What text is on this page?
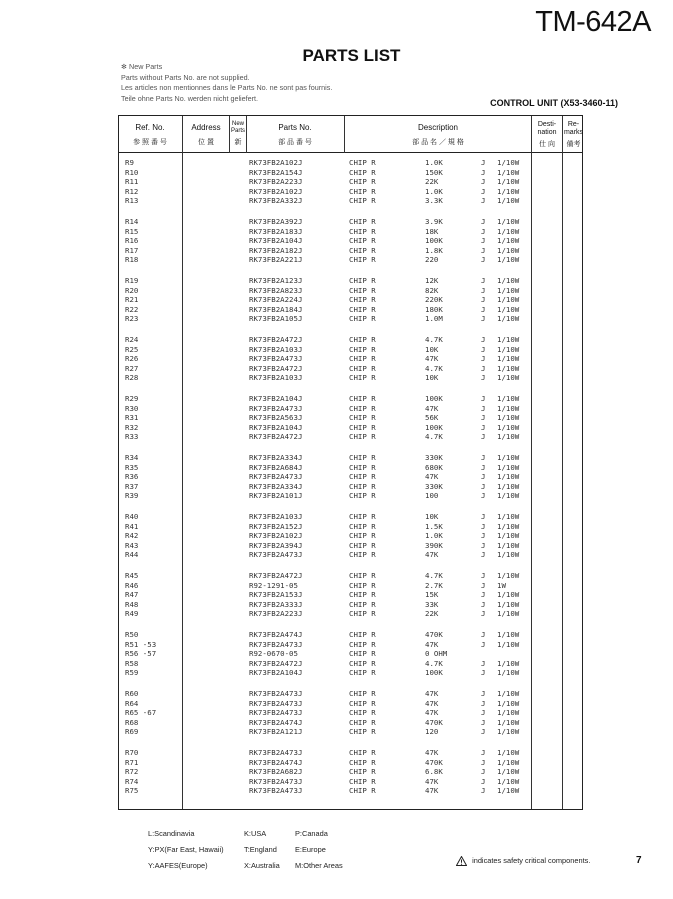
TM-642A
PARTS LIST
✻ New Parts
Parts without Parts No. are not supplied.
Les articles non mentionnes dans le Parts No. ne sont pas fournis.
Teile ohne Parts No. werden nicht geliefert.	CONTROL UNIT (X53-3460-11)
Ref. No.
参 照 番 号
Address
位 置
New Parts
新
Parts No.
部 品 番 号
Description
部 品 名 ／ 規 格
Desti- nation
仕 向
Re- marks
備考
R9	RK73FB2A102J	CHIP R	1.0K	J 1/10W
R10	RK73FB2A154J	CHIP R	150K	J 1/10W
R11	RK73FB2A223J	CHIP R	22K	J 1/10W
R12	RK73FB2A102J	CHIP R	1.0K	J 1/10W
R13	RK73FB2A332J	CHIP R	3.3K	J 1/10W
R14	RK73FB2A392J	CHIP R	3.9K	J 1/10W
R15	RK73FB2A183J	CHIP R	18K	J 1/10W
R16	RK73FB2A104J	CHIP R	100K	J 1/10W
R17	RK73FB2A182J	CHIP R	1.8K	J 1/10W
R18	RK73FB2A221J	CHIP R	220	J 1/10W
R19	RK73FB2A123J	CHIP R	12K	J 1/10W
R20	RK73FB2A823J	CHIP R	82K	J 1/10W
R21	RK73FB2A224J	CHIP R	220K	J 1/10W
R22	RK73FB2A184J	CHIP R	180K	J 1/10W
R23	RK73FB2A105J	CHIP R	1.0M	J 1/10W
R24	RK73FB2A472J	CHIP R	4.7K	J 1/10W
R25	RK73FB2A103J	CHIP R	10K	J 1/10W
R26	RK73FB2A473J	CHIP R	47K	J 1/10W
R27	RK73FB2A472J	CHIP R	4.7K	J 1/10W
R28	RK73FB2A103J	CHIP R	10K	J 1/10W
R29	RK73FB2A104J	CHIP R	100K	J 1/10W
R30	RK73FB2A473J	CHIP R	47K	J 1/10W
R31	RK73FB2A563J	CHIP R	56K	J 1/10W
R32	RK73FB2A104J	CHIP R	100K	J 1/10W
R33	RK73FB2A472J	CHIP R	4.7K	J 1/10W
R34	RK73FB2A334J	CHIP R	330K	J 1/10W
R35	RK73FB2A684J	CHIP R	680K	J 1/10W
R36	RK73FB2A473J	CHIP R	47K	J 1/10W
R37	RK73FB2A334J	CHIP R	330K	J 1/10W
R39	RK73FB2A101J	CHIP R	100	J 1/10W
R40	RK73FB2A103J	CHIP R	10K	J 1/10W
R41	RK73FB2A152J	CHIP R	1.5K	J 1/10W
R42	RK73FB2A102J	CHIP R	1.0K	J 1/10W
R43	RK73FB2A394J	CHIP R	390K	J 1/10W
R44	RK73FB2A473J	CHIP R	47K	J 1/10W
R45	RK73FB2A472J	CHIP R	4.7K	J 1/10W
R46	R92-1291-05	CHIP R	2.7K	J 1W
R47	RK73FB2A153J	CHIP R	15K	J 1/10W
R48	RK73FB2A333J	CHIP R	33K	J 1/10W
R49	RK73FB2A223J	CHIP R	22K	J 1/10W
R50	RK73FB2A474J	CHIP R	470K	J 1/10W
R51 -53	RK73FB2A473J	CHIP R	47K	J 1/10W
R56 -57	R92-0670-05	CHIP R	0 OHM
R58	RK73FB2A472J	CHIP R	4.7K	J 1/10W
R59	RK73FB2A104J	CHIP R	100K	J 1/10W
R60	RK73FB2A473J	CHIP R	47K	J 1/10W
R64	RK73FB2A473J	CHIP R	47K	J 1/10W
R65 -67	RK73FB2A473J	CHIP R	47K	J 1/10W
R68	RK73FB2A474J	CHIP R	470K	J 1/10W
R69	RK73FB2A121J	CHIP R	120	J 1/10W
R70	RK73FB2A473J	CHIP R	47K	J 1/10W
R71	RK73FB2A474J	CHIP R	470K	J 1/10W
R72	RK73FB2A682J	CHIP R	6.8K	J 1/10W
R74	RK73FB2A473J	CHIP R	47K	J 1/10W
R75	RK73FB2A473J	CHIP R	47K	J 1/10W
L:Scandinavia
Y:PX(Far East, Hawaii)
Y:AAFES(Europe)
K:USA
T:England
X:Australia
P:Canada
E:Europe
M:Other Areas
indicates safety critical components.	7
